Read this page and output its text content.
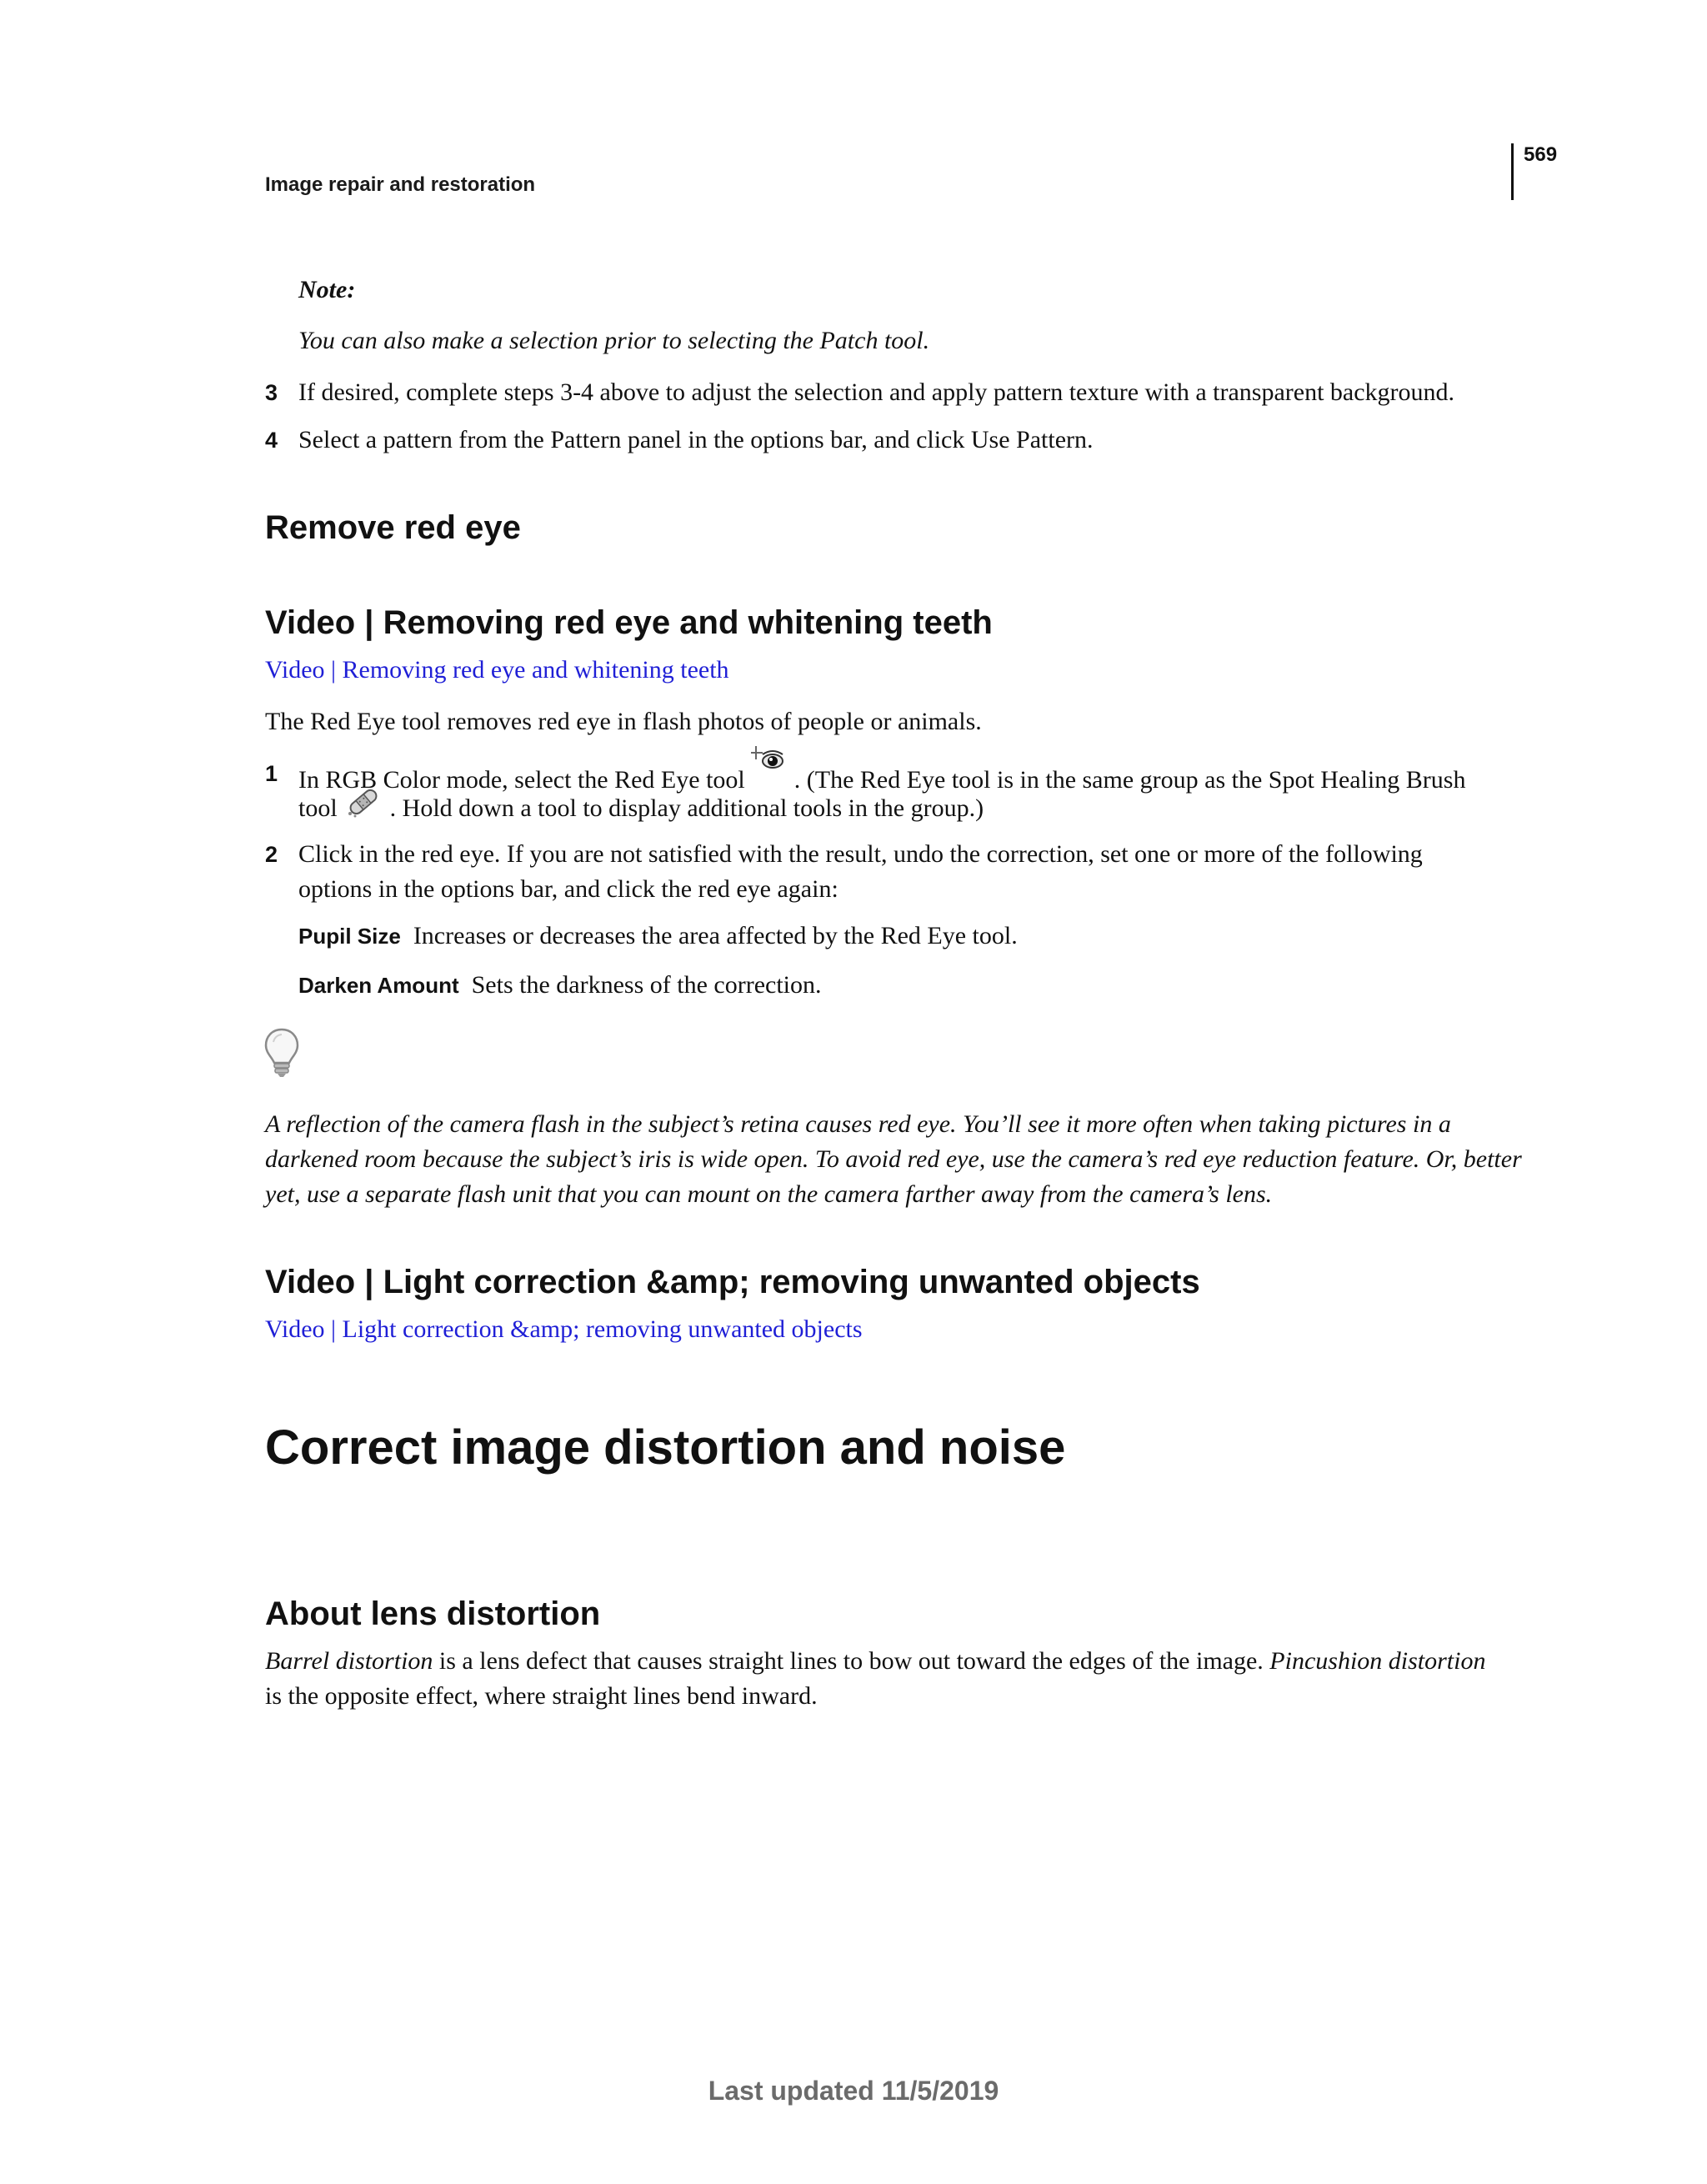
Image repair and restoration
569
Note:
You can also make a selection prior to selecting the Patch tool.
3 If desired, complete steps 3-4 above to adjust the selection and apply pattern texture with a transparent background.
4 Select a pattern from the Pattern panel in the options bar, and click Use Pattern.
Remove red eye
Video | Removing red eye and whitening teeth
Video | Removing red eye and whitening teeth
The Red Eye tool removes red eye in flash photos of people or animals.
1 In RGB Color mode, select the Red Eye tool . (The Red Eye tool is in the same group as the Spot Healing Brush
tool . Hold down a tool to display additional tools in the group.)
2 Click in the red eye. If you are not satisfied with the result, undo the correction, set one or more of the following
options in the options bar, and click the red eye again:
Pupil Size Increases or decreases the area affected by the Red Eye tool.
Darken Amount Sets the darkness of the correction.
A reflection of the camera flash in the subject’s retina causes red eye. You’ll see it more often when taking pictures in a
darkened room because the subject’s iris is wide open. To avoid red eye, use the camera’s red eye reduction feature. Or, better
yet, use a separate flash unit that you can mount on the camera farther away from the camera’s lens.
Video | Light correction &amp; removing unwanted objects
Video | Light correction &amp; removing unwanted objects
Correct image distortion and noise
About lens distortion
Barrel distortion is a lens defect that causes straight lines to bow out toward the edges of the image. Pincushion distortion
is the opposite effect, where straight lines bend inward.
Last updated 11/5/2019
